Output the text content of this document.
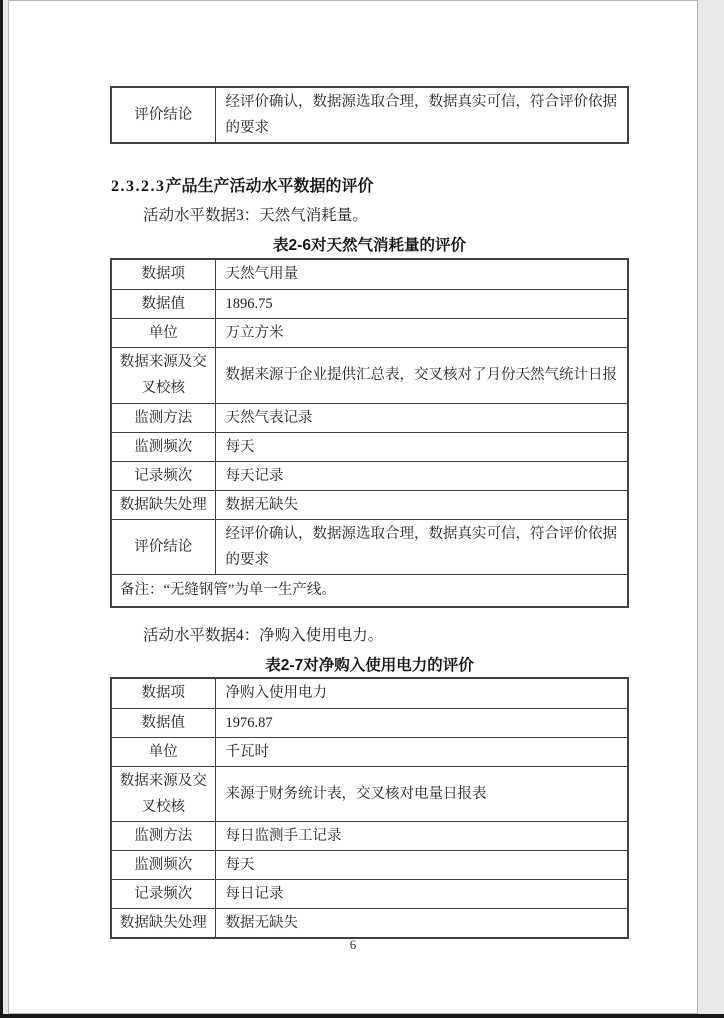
评价结论	经评价确认，数据源选取合理，数据真实可信，符合评价依据的要求
2.3.2.3产品生产活动水平数据的评价
活动水平数据3：天然气消耗量。
表2-6对天然气消耗量的评价
数据项	天然气用量
数据值	1896.75
单位	万立方米
数据来源及交叉校核	数据来源于企业提供汇总表，交叉核对了月份天然气统计日报
监测方法	天然气表记录
监测频次	每天
记录频次	每天记录
数据缺失处理	数据无缺失
评价结论	经评价确认，数据源选取合理，数据真实可信，符合评价依据的要求
备注：“无缝钢管”为单一生产线。	
活动水平数据4：净购入使用电力。
表2-7对净购入使用电力的评价
数据项	净购入使用电力
数据值	1976.87
单位	千瓦时
数据来源及交叉校核	来源于财务统计表，交叉核对电量日报表
监测方法	每日监测手工记录
监测频次	每天
记录频次	每日记录
数据缺失处理	数据无缺失
6
